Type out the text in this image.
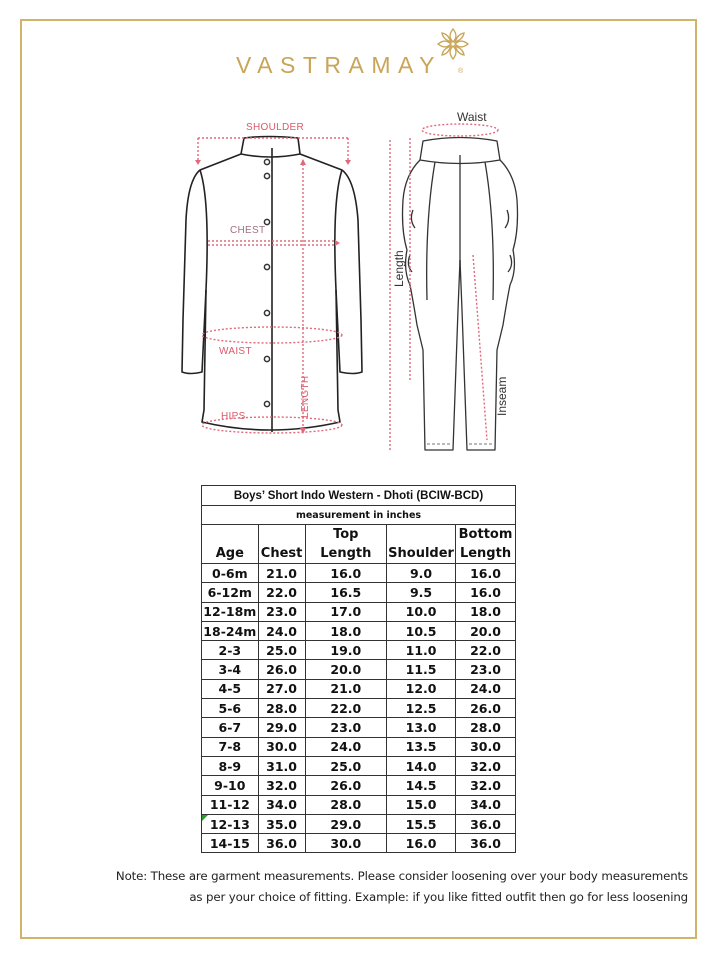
VASTRAMAY ®
SHOULDER
CHEST
WAIST
HIPS	LENGTH
Waist
Length
Inseam
Boys’ Short Indo Western - Dhoti (BCIW-BCD)				
measurement in inches				
Age	Chest	Top Length	Shoulder	Bottom
Length
0-6m	21.0	16.0	9.0	16.0
6-12m	22.0	16.5	9.5	16.0
12-18m	23.0	17.0	10.0	18.0
18-24m	24.0	18.0	10.5	20.0
2-3	25.0	19.0	11.0	22.0
3-4	26.0	20.0	11.5	23.0
4-5	27.0	21.0	12.0	24.0
5-6	28.0	22.0	12.5	26.0
6-7	29.0	23.0	13.0	28.0
7-8	30.0	24.0	13.5	30.0
8-9	31.0	25.0	14.0	32.0
9-10	32.0	26.0	14.5	32.0
11-12	34.0	28.0	15.0	34.0
12-13	35.0	29.0	15.5	36.0
14-15	36.0	30.0	16.0	36.0
Note: These are garment measurements. Please consider loosening over your body measurements
as per your choice of fitting. Example: if you like fitted outfit then go for less loosening
